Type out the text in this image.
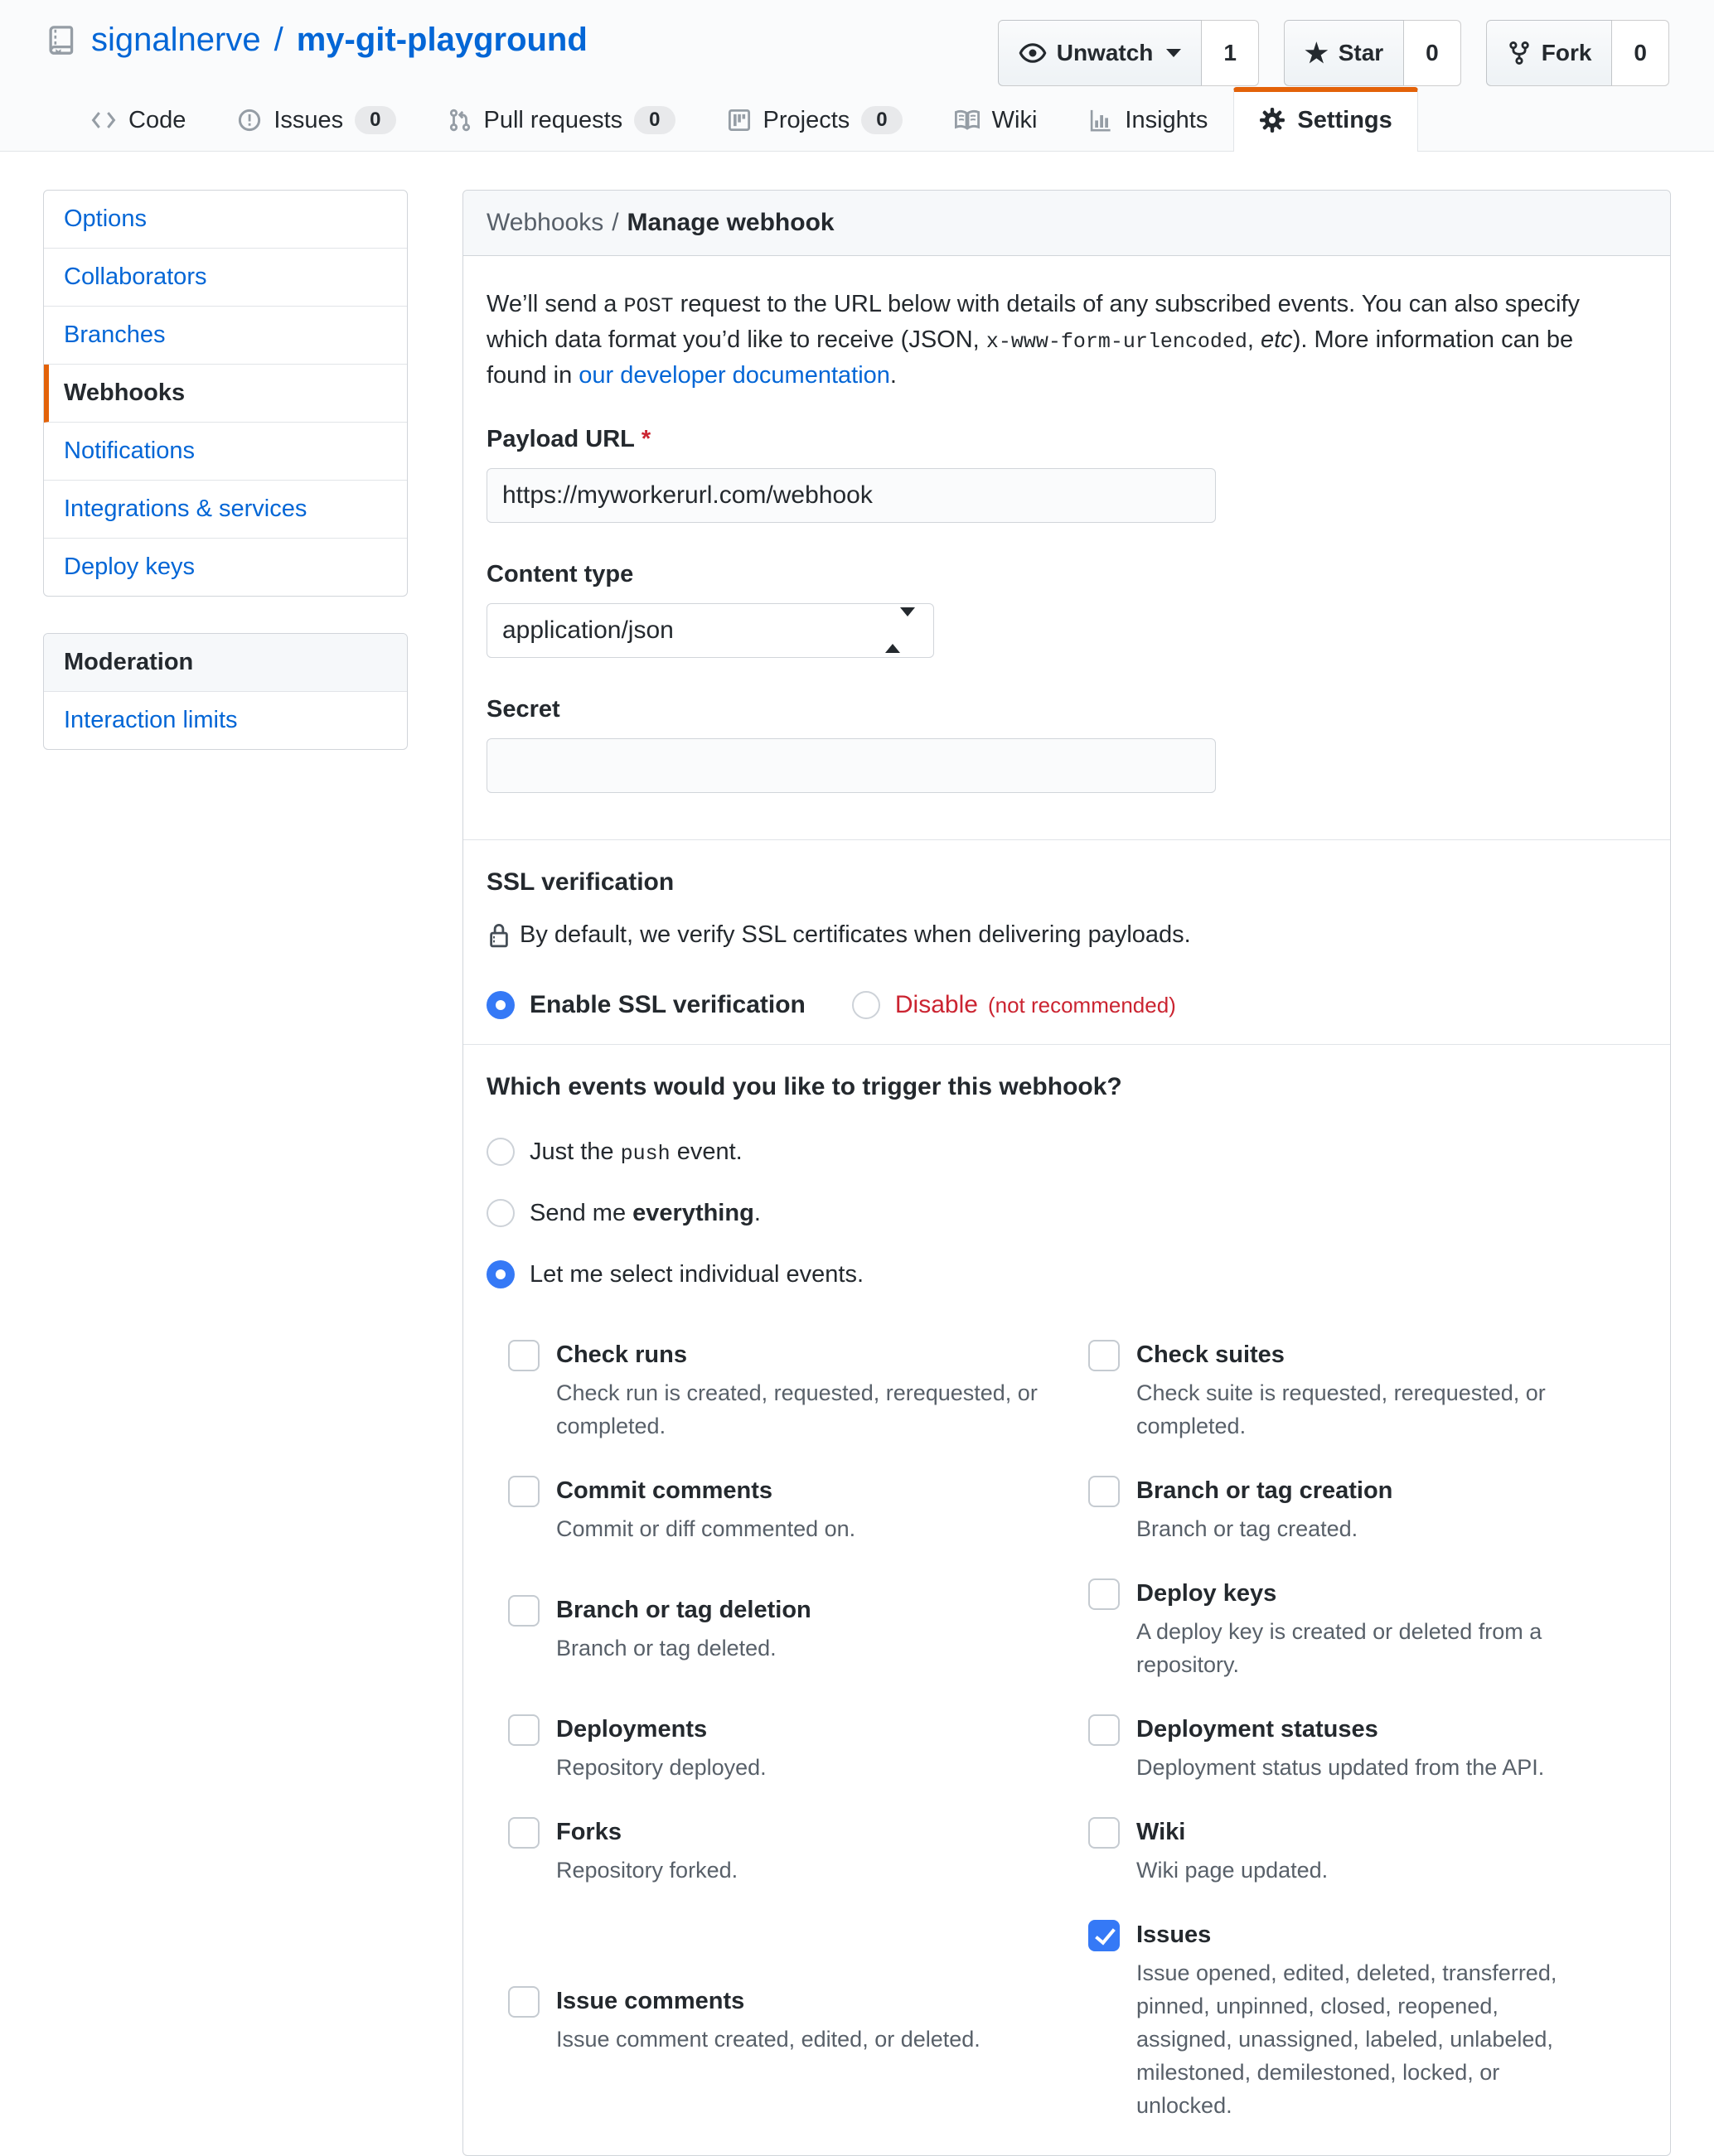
signalnerve / my-git-playground	Unwatch	1	★ Star	0	Fork	0
Code	Issues	0	Pull requests	0	Projects	0	Wiki	Insights	Settings
Options
Collaborators
Branches
Webhooks
Notifications
Integrations & services
Deploy keys
Moderation
Interaction limits
Webhooks / Manage webhook

We’ll send a POST request to the URL below with details of any subscribed events. You can also specify which data format you’d like to receive (JSON, x-www-form-urlencoded, etc). More information can be found in our developer documentation.

Payload URL *
https://myworkerurl.com/webhook
Content type
application/json
Secret
SSL verification
By default, we verify SSL certificates when delivering payloads.
Enable SSL verification	Disable (not recommended)
Which events would you like to trigger this webhook?
Just the push event.
Send me everything.
Let me select individual events.
Check runs
Check run is created, requested, rerequested, or completed.
Check suites
Check suite is requested, rerequested, or completed.
Commit comments
Commit or diff commented on.
Branch or tag creation
Branch or tag created.
Branch or tag deletion
Branch or tag deleted.
Deploy keys
A deploy key is created or deleted from a repository.
Deployments
Repository deployed.
Deployment statuses
Deployment status updated from the API.
Forks
Repository forked.
Wiki
Wiki page updated.
Issue comments
Issue comment created, edited, or deleted.
Issues
Issue opened, edited, deleted, transferred, pinned, unpinned, closed, reopened, assigned, unassigned, labeled, unlabeled, milestoned, demilestoned, locked, or unlocked.
